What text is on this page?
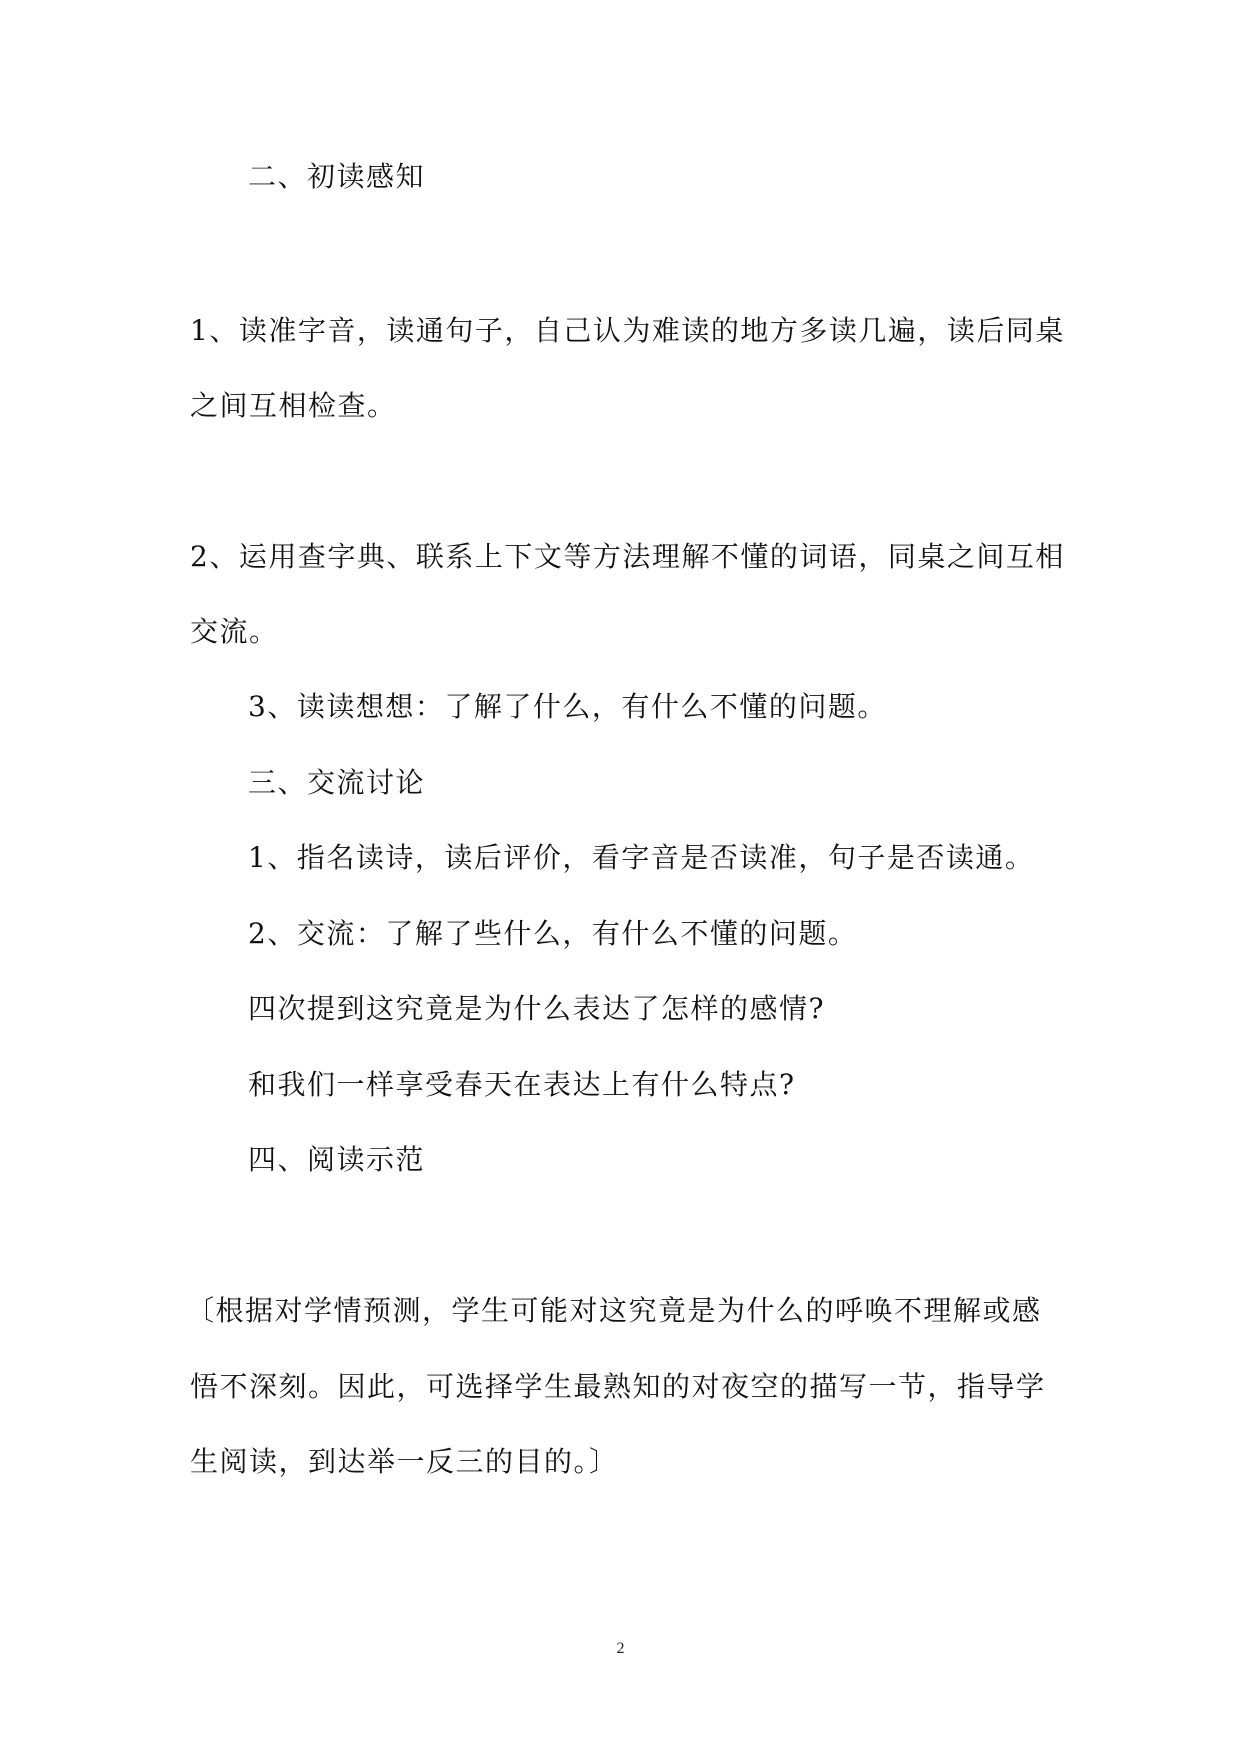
二、初读感知
1、读准字音，读通句子，自己认为难读的地方多读几遍，读后同桌
之间互相检查。
2、运用查字典、联系上下文等方法理解不懂的词语，同桌之间互相
交流。
3、读读想想：了解了什么，有什么不懂的问题。
三、交流讨论
1、指名读诗，读后评价，看字音是否读准，句子是否读通。
2、交流：了解了些什么，有什么不懂的问题。
四次提到这究竟是为什么表达了怎样的感情?
和我们一样享受春天在表达上有什么特点?
四、阅读示范
〔根据对学情预测，学生可能对这究竟是为什么的呼唤不理解或感
悟不深刻。因此，可选择学生最熟知的对夜空的描写一节，指导学
生阅读，到达举一反三的目的。〕
2
